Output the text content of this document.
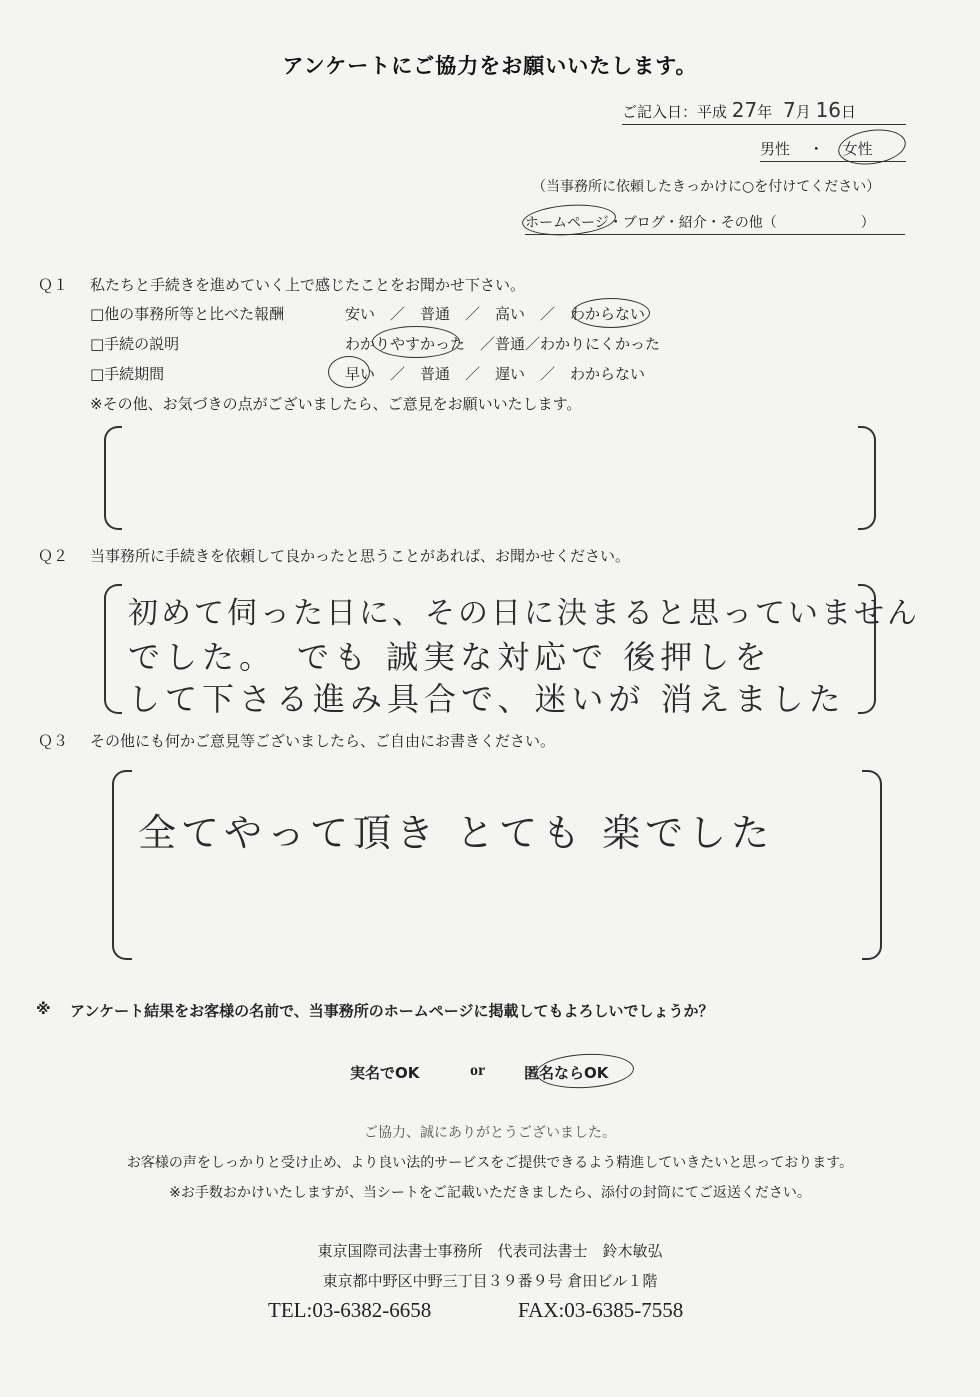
アンケートにご協力をお願いいたします。
ご記入日：平成 27年 7月 16日
男性 ・ 女性
（当事務所に依頼したきっかけに○を付けてください）
ホームページ・ブログ・紹介・その他（　　　　　　）
Ｑ１ 私たちと手続きを進めていく上で感じたことをお聞かせ下さい。
□他の事務所等と比べた報酬	安い　／　普通　／　高い　／　わからない
□手続の説明	わかりやすかった　／普通／わかりにくかった
□手続期間	早い　／　普通　／　遅い　／　わからない
※その他、お気づきの点がございましたら、ご意見をお願いいたします。
Ｑ２ 当事務所に手続きを依頼して良かったと思うことがあれば、お聞かせください。
初めて伺った日に、その日に決まると思っていません
でした。　でも 誠実な対応で 後押しを
して下さる進み具合で、迷いが 消えました
Ｑ３ その他にも何かご意見等ございましたら、ご自由にお書きください。
全てやって頂き とても 楽でした
※ アンケート結果をお客様の名前で、当事務所のホームページに掲載してもよろしいでしょうか？
実名でOK	or	匿名ならOK
ご協力、誠にありがとうございました。
お客様の声をしっかりと受け止め、より良い法的サービスをご提供できるよう精進していきたいと思っております。
※お手数おかけいたしますが、当シートをご記載いただきましたら、添付の封筒にてご返送ください。
東京国際司法書士事務所　代表司法書士　鈴木敏弘
東京都中野区中野三丁目３９番９号 倉田ビル１階
TEL:03-6382-6658	FAX:03-6385-7558
